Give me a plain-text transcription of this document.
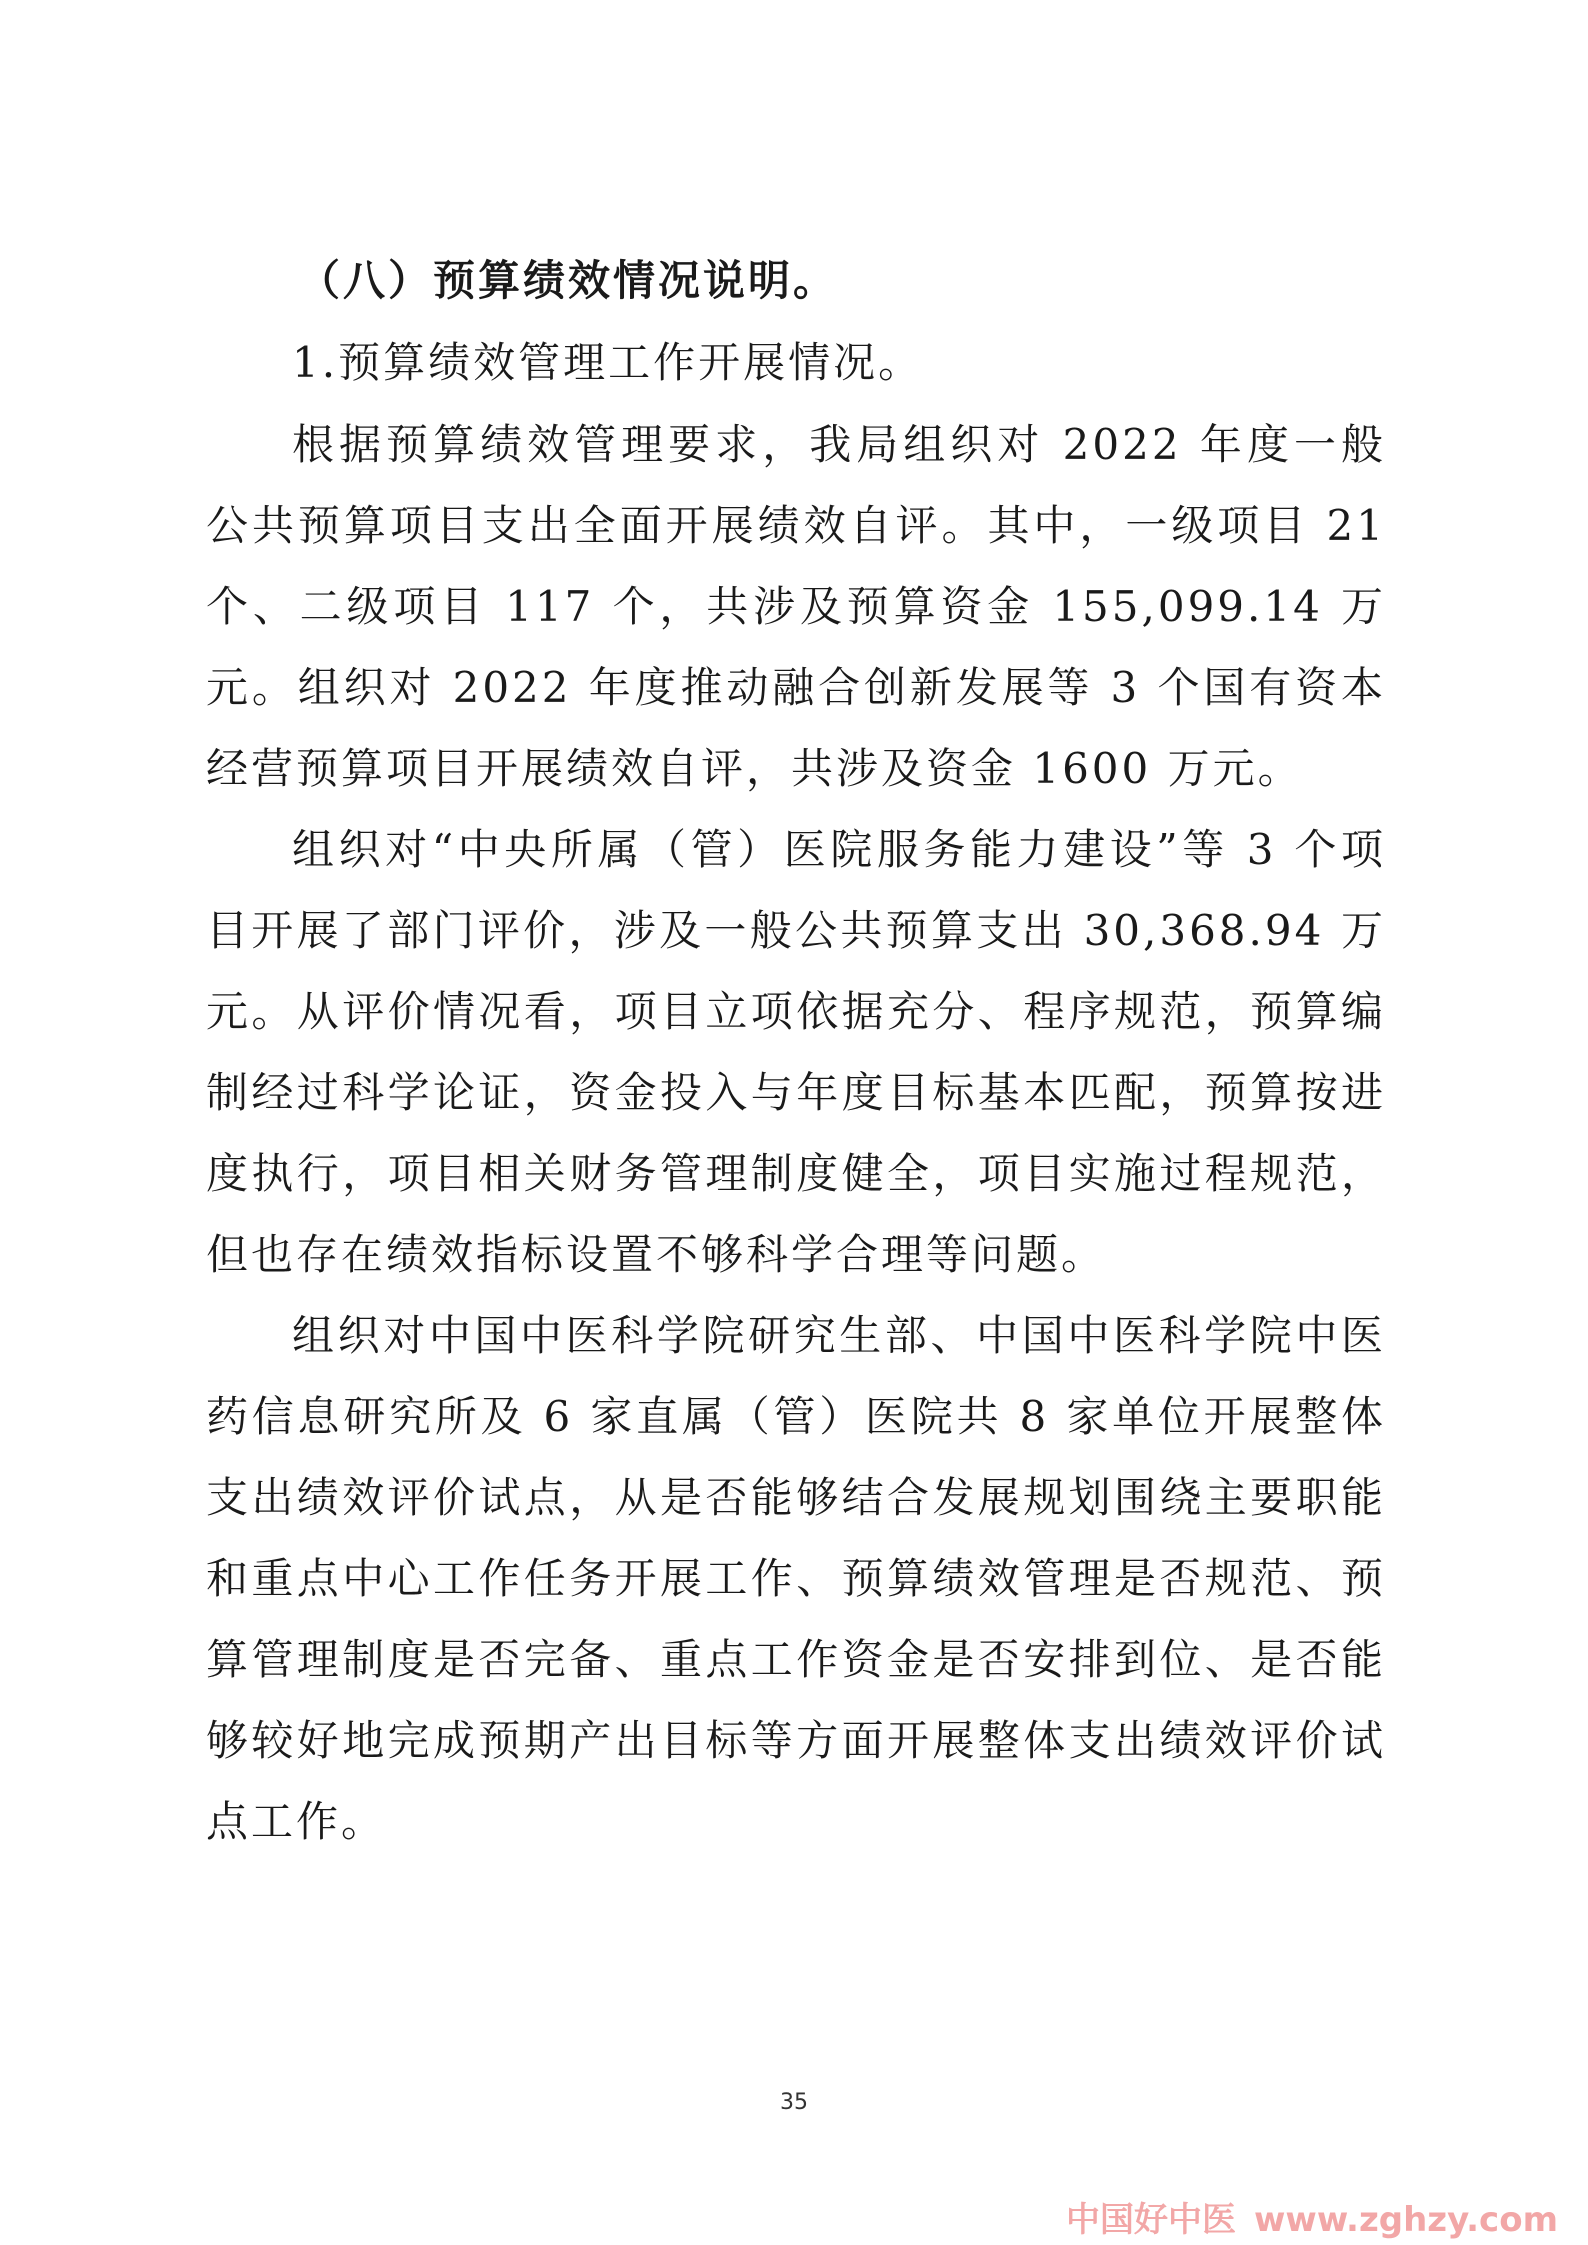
（八）预算绩效情况说明。

1.预算绩效管理工作开展情况。

根据预算绩效管理要求，我局组织对 2022 年度一般公共预算项目支出全面开展绩效自评。其中，一级项目 21 个、二级项目 117 个，共涉及预算资金 155,099.14 万元。组织对 2022 年度推动融合创新发展等 3 个国有资本经营预算项目开展绩效自评，共涉及资金 1600 万元。

组织对“中央所属（管）医院服务能力建设”等 3 个项目开展了部门评价，涉及一般公共预算支出 30,368.94 万元。从评价情况看，项目立项依据充分、程序规范，预算编制经过科学论证，资金投入与年度目标基本匹配，预算按进度执行，项目相关财务管理制度健全，项目实施过程规范，但也存在绩效指标设置不够科学合理等问题。

组织对中国中医科学院研究生部、中国中医科学院中医药信息研究所及 6 家直属（管）医院共 8 家单位开展整体支出绩效评价试点，从是否能够结合发展规划围绕主要职能和重点中心工作任务开展工作、预算绩效管理是否规范、预算管理制度是否完备、重点工作资金是否安排到位、是否能够较好地完成预期产出目标等方面开展整体支出绩效评价试点工作。

35
中国好中医 www.zghzy.com
